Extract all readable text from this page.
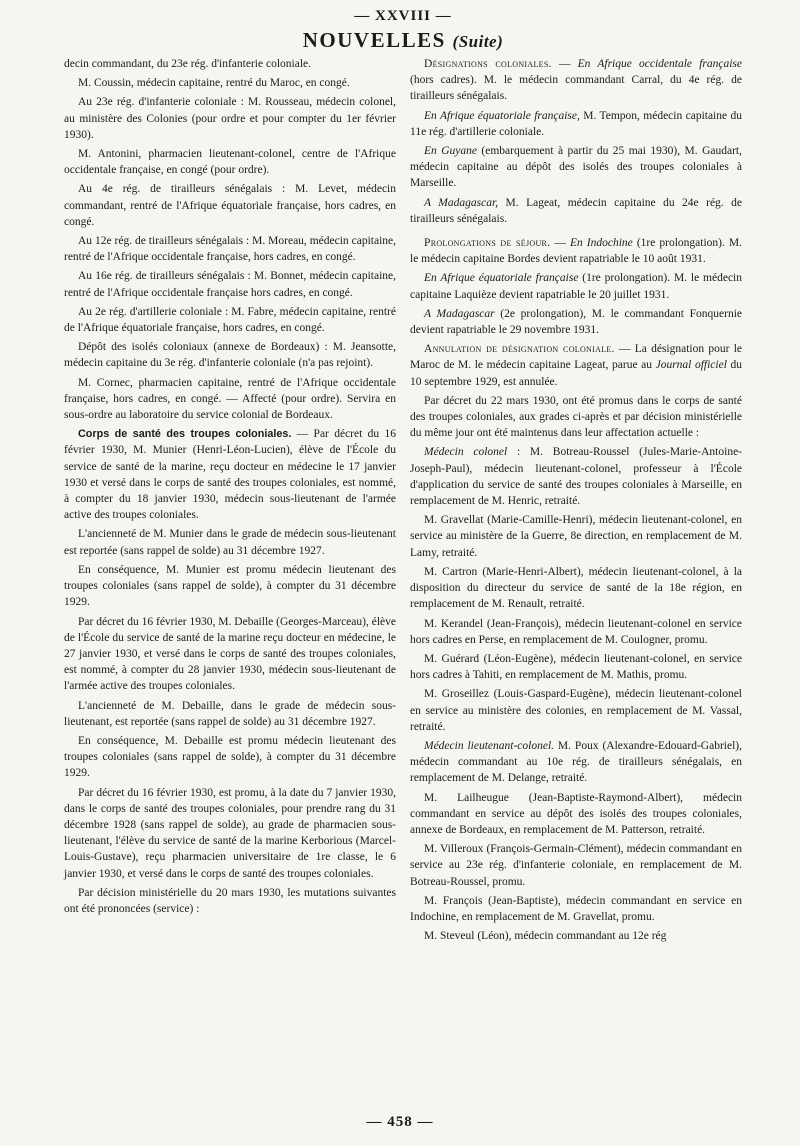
— XXVIII —
NOUVELLES (Suite)

decin commandant, du 23e rég. d'infanterie coloniale.

M. Coussin, médecin capitaine, rentré du Maroc, en congé.

Au 23e rég. d'infanterie coloniale : M. Rousseau, médecin colonel, au ministère des Colonies (pour ordre et pour compter du 1er février 1930).

M. Antonini, pharmacien lieutenant-colonel, centre de l'Afrique occidentale française, en congé (pour ordre).

Au 4e rég. de tirailleurs sénégalais : M. Levet, médecin commandant, rentré de l'Afrique équatoriale française, hors cadres, en congé.

Au 12e rég. de tirailleurs sénégalais : M. Moreau, médecin capitaine, rentré de l'Afrique occidentale française, hors cadres, en congé.

Au 16e rég. de tirailleurs sénégalais : M. Bonnet, médecin capitaine, rentré de l'Afrique occidentale française hors cadres, en congé.

Au 2e rég. d'artillerie coloniale : M. Fabre, médecin capitaine, rentré de l'Afrique équatoriale française, hors cadres, en congé.

Dépôt des isolés coloniaux (annexe de Bordeaux) : M. Jeansotte, médecin capitaine du 3e rég. d'infanterie coloniale (n'a pas rejoint).

M. Cornec, pharmacien capitaine, rentré de l'Afrique occidentale française, hors cadres, en congé. — Affecté (pour ordre). Servira en sous-ordre au laboratoire du service colonial de Bordeaux.

Corps de santé des troupes coloniales. — Par décret du 16 février 1930, M. Munier (Henri-Léon-Lucien), élève de l'École du service de santé de la marine, reçu docteur en médecine le 17 janvier 1930 et versé dans le corps de santé des troupes coloniales, est nommé, à compter du 18 janvier 1930, médecin sous-lieutenant de l'armée active des troupes coloniales.

L'ancienneté de M. Munier dans le grade de médecin sous-lieutenant est reportée (sans rappel de solde) au 31 décembre 1927.

En conséquence, M. Munier est promu médecin lieutenant des troupes coloniales (sans rappel de solde), à compter du 31 décembre 1929.

Par décret du 16 février 1930, M. Debaille (Georges-Marceau), élève de l'École du service de santé de la marine reçu docteur en médecine, le 27 janvier 1930, et versé dans le corps de santé des troupes coloniales, est nommé, à compter du 28 janvier 1930, médecin sous-lieutenant de l'armée active des troupes coloniales.

L'ancienneté de M. Debaille, dans le grade de médecin sous-lieutenant, est reportée (sans rappel de solde) au 31 décembre 1927.

En conséquence, M. Debaille est promu médecin lieutenant des troupes coloniales (sans rappel de solde), à compter du 31 décembre 1929.

Par décret du 16 février 1930, est promu, à la date du 7 janvier 1930, dans le corps de santé des troupes coloniales, pour prendre rang du 31 décembre 1928 (sans rappel de solde), au grade de pharmacien sous-lieutenant, l'élève du service de santé de la marine Kerborious (Marcel-Louis-Gustave), reçu pharmacien universitaire de 1re classe, le 6 janvier 1930, et versé dans le corps de santé des troupes coloniales.

Par décision ministérielle du 20 mars 1930, les mutations suivantes ont été prononcées (service) :

Désignations coloniales. — En Afrique occidentale française (hors cadres). M. le médecin commandant Carral, du 4e rég. de tirailleurs sénégalais.

En Afrique équatoriale française, M. Tempon, médecin capitaine du 11e rég. d'artillerie coloniale.

En Guyane (embarquement à partir du 25 mai 1930), M. Gaudart, médecin capitaine au dépôt des isolés des troupes coloniales à Marseille.

A Madagascar, M. Lageat, médecin capitaine du 24e rég. de tirailleurs sénégalais.

Prolongations de séjour. — En Indochine (1re prolongation). M. le médecin capitaine Bordes devient rapatriable le 10 août 1931.

En Afrique équatoriale française (1re prolongation). M. le médecin capitaine Laquièze devient rapatriable le 20 juillet 1931.

A Madagascar (2e prolongation), M. le commandant Fonquernie devient rapatriable le 29 novembre 1931.

Annulation de désignation coloniale. — La désignation pour le Maroc de M. le médecin capitaine Lageat, parue au Journal officiel du 10 septembre 1929, est annulée.

Par décret du 22 mars 1930, ont été promus dans le corps de santé des troupes coloniales, aux grades ci-après et par décision ministérielle du même jour ont été maintenus dans leur affectation actuelle :

Médecin colonel : M. Botreau-Roussel (Jules-Marie-Antoine-Joseph-Paul), médecin lieutenant-colonel, professeur à l'École d'application du service de santé des troupes coloniales à Marseille, en remplacement de M. Henric, retraité.

M. Gravellat (Marie-Camille-Henri), médecin lieutenant-colonel, en service au ministère de la Guerre, 8e direction, en remplacement de M. Lamy, retraité.

M. Cartron (Marie-Henri-Albert), médecin lieutenant-colonel, à la disposition du directeur du service de santé de la 18e région, en remplacement de M. Renault, retraité.

M. Kerandel (Jean-François), médecin lieutenant-colonel en service hors cadres en Perse, en remplacement de M. Coulogner, promu.

M. Guérard (Léon-Eugène), médecin lieutenant-colonel, en service hors cadres à Tahiti, en remplacement de M. Mathis, promu.

M. Groseillez (Louis-Gaspard-Eugène), médecin lieutenant-colonel en service au ministère des colonies, en remplacement de M. Vassal, retraité.

Médecin lieutenant-colonel. M. Poux (Alexandre-Edouard-Gabriel), médecin commandant au 10e rég. de tirailleurs sénégalais, en remplacement de M. Delange, retraité.

M. Lailheugue (Jean-Baptiste-Raymond-Albert), médecin commandant en service au dépôt des isolés des troupes coloniales, annexe de Bordeaux, en remplacement de M. Patterson, retraité.

M. Villeroux (François-Germain-Clément), médecin commandant en service au 23e rég. d'infanterie coloniale, en remplacement de M. Botreau-Roussel, promu.

M. François (Jean-Baptiste), médecin commandant en service en Indochine, en remplacement de M. Gravellat, promu.

M. Steveul (Léon), médecin commandant au 12e rég

— 458 —
